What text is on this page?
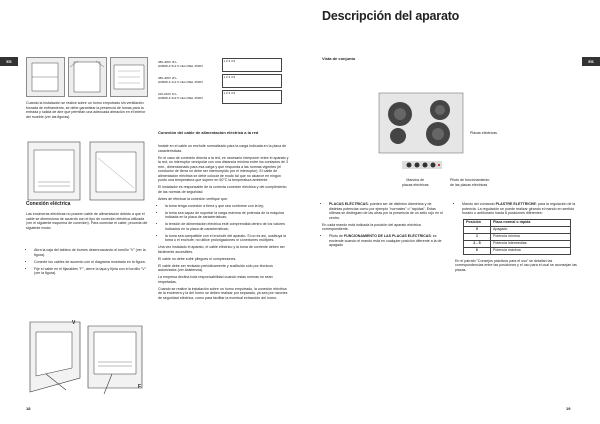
ES	ES
Descripción del aparato
Cuando la instalación se realice sobre un horno empotrado sin ventilación forzada de enfriamiento, se debe garantizar la presencia de tomas para la entrada y salida de aire que permitan una adecuada aireación en el interior del mueble (ver las figuras).
Conexión eléctrica
Las encimeras eléctricas no poseen cable de alimentación debido a que el cable se dimensiona de acuerdo con el tipo de conexión eléctrica utilizada (ver el siguiente esquema de conexión). Para conectar el cable, proceda del siguiente modo:
• Abra la caja del tablero de bornes desenroscando el tornillo "V" (ver la figura).
• Conecte los cables de acuerdo con el diagrama mostrado en la figura.
• Fije el cable en el fijacables "F", cierre la tapa y fíjela con el tornillo "V" (ver la figura).
V
F
380-400V 3N~
H05RR-F 5x1.5 CEI-UNEL 35363
1 2 3 4 5
380-400V 2N~
H05RR-F 4x1.5 CEI-UNEL 35363
1 2 3 4 5
220-240V 1N~
H05RR-F 3x2.5 CEI-UNEL 35363
1 2 3 4 5
Conexión del cable de alimentación eléctrica a la red

Instale en el cable un enchufe normalizado para la carga indicada en la placa de características.

En el caso de conexión directa a la red, es necesario interponer entre el aparato y la red, un interruptor omnipolar con una distancia mínima entre los contactos de 3 mm., dimensionado para esa carga y que responda a las normas vigentes (el conductor de tierra no debe ser interrumpido por el interruptor). El cable de alimentación eléctrica se debe colocar de modo tal que no alcance en ningún punto una temperatura que supere en 50°C la temperatura ambiente.

El instalador es responsable de la correcta conexión eléctrica y del cumplimiento de las normas de seguridad.

Antes de efectuar la conexión verifique que:

• la toma tenga conexión a tierra y que sea conforme con la ley;
• la toma sea capaz de soportar la carga máxima de potencia de la máquina indicada en la placa de características;
• la tensión de alimentación eléctrica esté comprendida dentro de los valores indicados en la placa de características;
• la toma sea compatible con el enchufe del aparato. Si no es así, sustituya la toma o el enchufe; no utilice prolongaciones ni conexiones múltiples.

Una vez instalado el aparato, el cable eléctrico y la toma de corriente deben ser fácilmente accesibles.

El cable no debe sufrir pliegues ni compresiones.

El cable debe ser revisado periódicamente y sustituido sólo por técnicos autorizados (ver Asistencia).

La empresa declina toda responsabilidad cuando estas normas no sean respetadas.

Cuando se realice la instalación sobre un horno empotrado, la conexión eléctrica de la encimera y la del horno se deben realizar por separado, ya sea por razones de seguridad eléctrica, como para facilitar la eventual extracción del horno.

Vista de conjunto
Placas eléctricas
Mandos de
placas eléctricas
Piloto de funcionamiento
de las placas eléctricas
• PLACAS ELÉCTRICAS: pueden ser de distintos diámetros y de distintas potencias como por ejemplo "normales" o "rápidas". Estas últimas se distinguen de las otras por la presencia de un sello rojo en el centro.

En cada mando está indicada la posición del aparato eléctrica correspondiente.

• Piloto de FUNCIONAMIENTO DE LAS PLACAS ELÉCTRICAS: se enciende cuando el mando está en cualquier posición diferente a la de apagado
• Mando del comando PLASTRE ELETTRICHE: para la regulación de la potencia. La regulación se puede realizar girando el mando en sentido horario o antihorario hasta 6 posiciones diferentes:
Posición	Placa normal o rápida
0	Apagado
1	Potencia mínima
2 - 5	Potencia intermedias
6	Potencia máxima

En el párrafo "Consejos prácticos para el uso" se detallan las correspondencias entre las posiciones y el uso para el cual se aconsejan las placas.

18	19
